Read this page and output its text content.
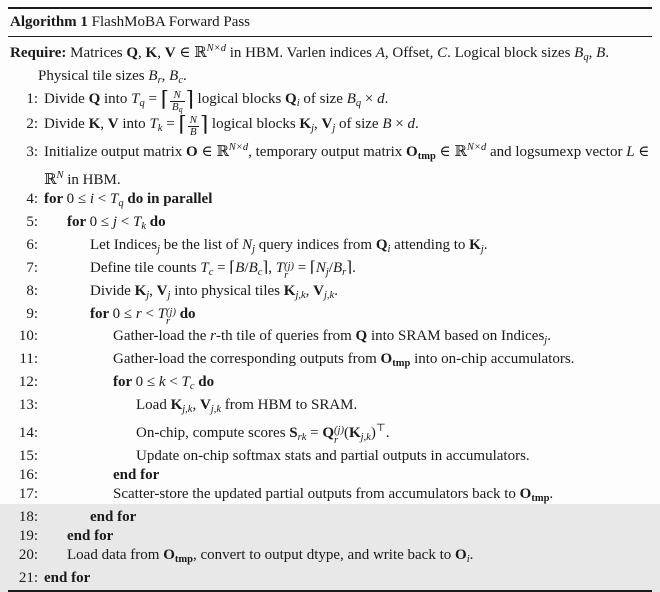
Algorithm 1 FlashMoBA Forward Pass
Require: Matrices Q, K, V ∈ ℝ$^{N\times d}$ in HBM. Varlen indices A, Offset, C. Logical block sizes $B_q$, B. Physical tile sizes $B_r$, $B_c$.
1: Divide Q into $T_q$ = ⌈ $\frac{N}{Bq}$ ⌉ logical blocks $Q_i$ of size $B_q \times d$.
2: Divide K, V into $T_k$ = ⌈ $\frac{N}{B}$ ⌉ logical blocks $K_j$, $V_j$ of size B × d.
3: Initialize output matrix O ∈ ℝ$^{N\times d}$, temporary output matrix $O_{tmp}$ ∈ ℝ$^{N\times d}$ and logsumexp vector L ∈ ℝ$^N$ in HBM.
4: for $0 \le i < T_q$ do in parallel
5:	for $0 \le j < T_k$ do
6:	Let Indices$_j$ be the list of $N_j$ query indices from $Q_i$ attending to $K_j$.
7:	Define tile counts $T_c$ = $⌈B/B_c⌉$, T (j)
$r = ⌈N_j/B_r⌉$.
8:	Divide $K_j$, $V_j$ into physical tiles $K_{j,k}$, $V_{j,k}$.
9:	for 0 ≤ r < T (j)
r do
10:	Gather-load the r-th tile of queries from Q into SRAM based on Indices$_j$.
11:	Gather-load the corresponding outputs from $O_{tmp}$ into on-chip accumulators.
12:	for $0 \le k < T_c$ do
13:	Load $K_{j,k}$, $V_{j,k}$ from HBM to SRAM.
14:	On-chip, compute scores $S_{rk} = Q$ (j)
r $(K_{j,k})^⊤$.
15:	Update on-chip softmax stats and partial outputs in accumulators.
16:	end for
17:	Scatter-store the updated partial outputs from accumulators back to $O_{tmp}$.
18:	end for
19:	end for
20:	Load data from $O_{tmp}$, convert to output dtype, and write back to $O_i$.
21: end for
